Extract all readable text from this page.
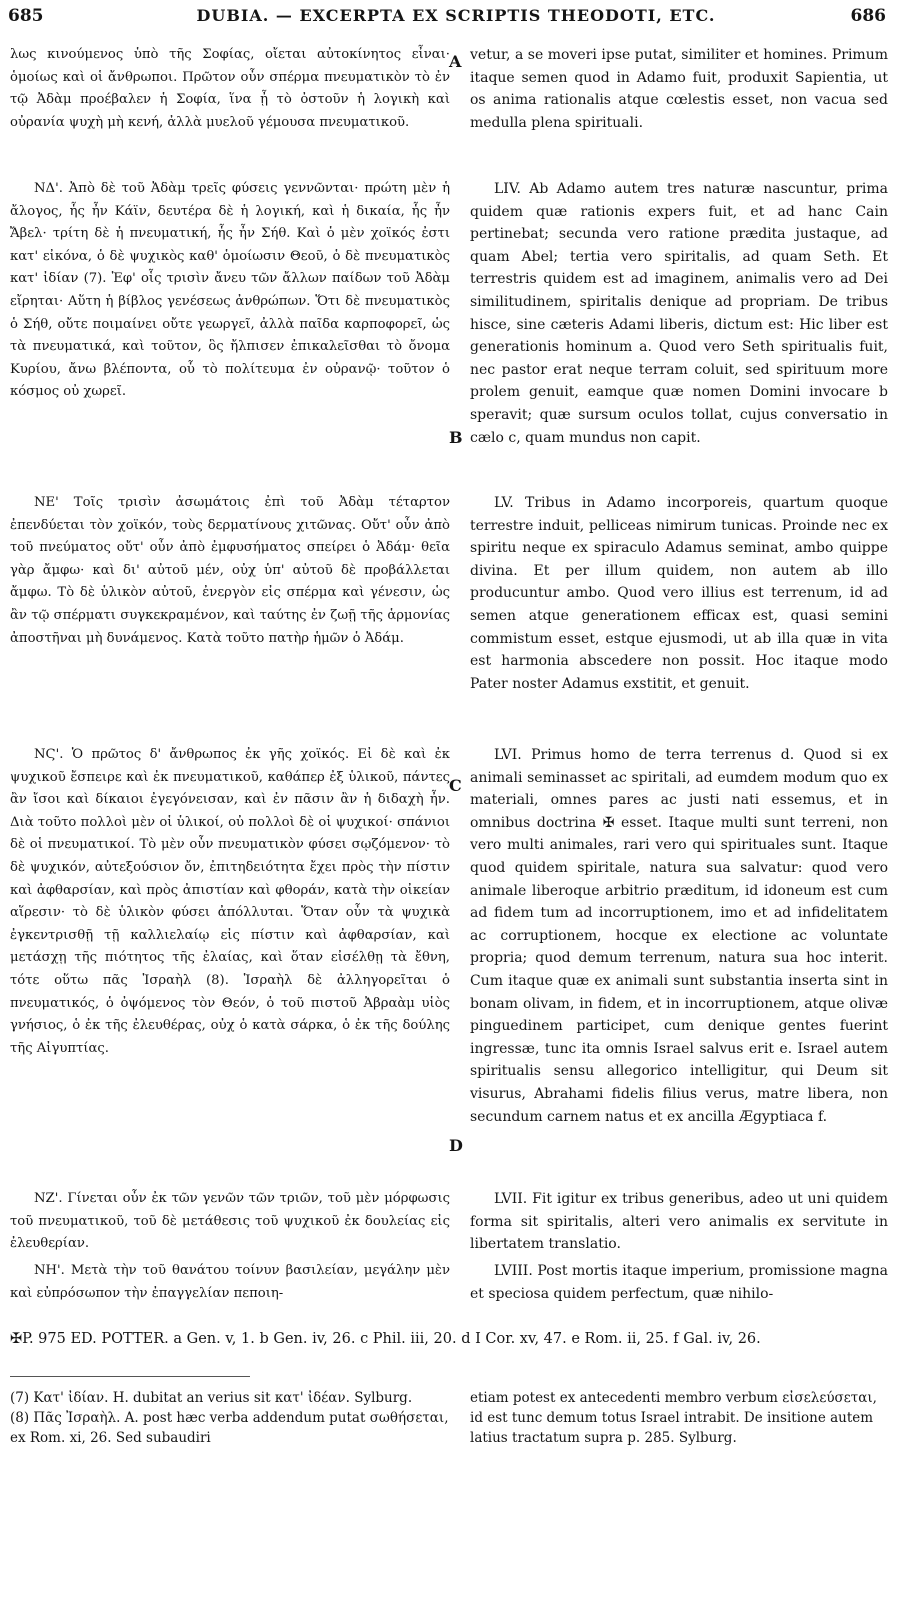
685	DUBIA. — EXCERPTA EX SCRIPTIS THEODOTI, ETC.	686
A
B
C
D

λως κινούμενος ὑπὸ τῆς Σοφίας, οἴεται αὐτοκίνητος εἶναι· ὁμοίως καὶ οἱ ἄνθρωποι. Πρῶτον οὖν σπέρμα πνευματικὸν τὸ ἐν τῷ Ἀδὰμ προέβαλεν ἡ Σοφία, ἵνα ᾖ τὸ ὀστοῦν ἡ λογικὴ καὶ οὐρανία ψυχὴ μὴ κενή, ἀλλὰ μυελοῦ γέμουσα πνευματικοῦ.

ΝΔ'. Ἀπὸ δὲ τοῦ Ἀδὰμ τρεῖς φύσεις γεννῶνται· πρώτη μὲν ἡ ἄλογος, ἧς ἦν Κάϊν, δευτέρα δὲ ἡ λογική, καὶ ἡ δικαία, ἧς ἦν Ἄβελ· τρίτη δὲ ἡ πνευματική, ἧς ἦν Σήθ. Καὶ ὁ μὲν χοϊκός ἐστι κατ' εἰκόνα, ὁ δὲ ψυχικὸς καθ' ὁμοίωσιν Θεοῦ, ὁ δὲ πνευματικὸς κατ' ἰδίαν (7). Ἐφ' οἷς τρισὶν ἄνευ τῶν ἄλλων παίδων τοῦ Ἀδὰμ εἴρηται· Αὕτη ἡ βίβλος γενέσεως ἀνθρώπων. Ὅτι δὲ πνευματικὸς ὁ Σήθ, οὔτε ποιμαίνει οὔτε γεωργεῖ, ἀλλὰ παῖδα καρποφορεῖ, ὡς τὰ πνευματικά, καὶ τοῦτον, ὃς ἤλπισεν ἐπικαλεῖσθαι τὸ ὄνομα Κυρίου, ἄνω βλέποντα, οὗ τὸ πολίτευμα ἐν οὐρανῷ· τοῦτον ὁ κόσμος οὐ χωρεῖ.

ΝΕ' Τοῖς τρισὶν ἀσωμάτοις ἐπὶ τοῦ Ἀδὰμ τέταρτον ἐπενδύεται τὸν χοϊκόν, τοὺς δερματίνους χιτῶνας. Οὔτ' οὖν ἀπὸ τοῦ πνεύματος οὔτ' οὖν ἀπὸ ἐμφυσήματος σπείρει ὁ Ἀδάμ· θεῖα γὰρ ἄμφω· καὶ δι' αὐτοῦ μέν, οὐχ ὑπ' αὐτοῦ δὲ προβάλλεται ἄμφω. Τὸ δὲ ὑλικὸν αὐτοῦ, ἐνεργὸν εἰς σπέρμα καὶ γένεσιν, ὡς ἂν τῷ σπέρματι συγκεκραμένον, καὶ ταύτης ἐν ζωῇ τῆς ἁρμονίας ἀποστῆναι μὴ δυνάμενος. Κατὰ τοῦτο πατὴρ ἡμῶν ὁ Ἀδάμ.

ΝϚ'. Ὁ πρῶτος δ' ἄνθρωπος ἐκ γῆς χοϊκός. Εἰ δὲ καὶ ἐκ ψυχικοῦ ἔσπειρε καὶ ἐκ πνευματικοῦ, καθάπερ ἐξ ὑλικοῦ, πάντες ἂν ἴσοι καὶ δίκαιοι ἐγεγόνεισαν, καὶ ἐν πᾶσιν ἂν ἡ διδαχὴ ἦν. Διὰ τοῦτο πολλοὶ μὲν οἱ ὑλικοί, οὐ πολλοὶ δὲ οἱ ψυχικοί· σπάνιοι δὲ οἱ πνευματικοί. Τὸ μὲν οὖν πνευματικὸν φύσει σῳζόμενον· τὸ δὲ ψυχικόν, αὐτεξούσιον ὄν, ἐπιτηδειότητα ἔχει πρὸς τὴν πίστιν καὶ ἀφθαρσίαν, καὶ πρὸς ἀπιστίαν καὶ φθοράν, κατὰ τὴν οἰκείαν αἵρεσιν· τὸ δὲ ὑλικὸν φύσει ἀπόλλυται. Ὅταν οὖν τὰ ψυχικὰ ἐγκεντρισθῇ τῇ καλλιελαίῳ εἰς πίστιν καὶ ἀφθαρσίαν, καὶ μετάσχῃ τῆς πιότητος τῆς ἐλαίας, καὶ ὅταν εἰσέλθῃ τὰ ἔθνη, τότε οὕτω πᾶς Ἰσραὴλ (8). Ἰσραὴλ δὲ ἀλληγορεῖται ὁ πνευματικός, ὁ ὀψόμενος τὸν Θεόν, ὁ τοῦ πιστοῦ Ἀβραὰμ υἱὸς γνήσιος, ὁ ἐκ τῆς ἐλευθέρας, οὐχ ὁ κατὰ σάρκα, ὁ ἐκ τῆς δούλης τῆς Αἰγυπτίας.

ΝΖ'. Γίνεται οὖν ἐκ τῶν γενῶν τῶν τριῶν, τοῦ μὲν μόρφωσις τοῦ πνευματικοῦ, τοῦ δὲ μετάθεσις τοῦ ψυχικοῦ ἐκ δουλείας εἰς ἐλευθερίαν.

ΝΗ'. Μετὰ τὴν τοῦ θανάτου τοίνυν βασιλείαν, μεγάλην μὲν καὶ εὐπρόσωπον τὴν ἐπαγγελίαν πεποιη-

vetur, a se moveri ipse putat, similiter et homines. Primum itaque semen quod in Adamo fuit, produxit Sapientia, ut os anima rationalis atque cœlestis esset, non vacua sed medulla plena spirituali.

LIV. Ab Adamo autem tres naturæ nascuntur, prima quidem quæ rationis expers fuit, et ad hanc Cain pertinebat; secunda vero ratione prædita justaque, ad quam Abel; tertia vero spiritalis, ad quam Seth. Et terrestris quidem est ad imaginem, animalis vero ad Dei similitudinem, spiritalis denique ad propriam. De tribus hisce, sine cæteris Adami liberis, dictum est: Hic liber est generationis hominum a. Quod vero Seth spiritualis fuit, nec pastor erat neque terram coluit, sed spirituum more prolem genuit, eamque quæ nomen Domini invocare b speravit; quæ sursum oculos tollat, cujus conversatio in cælo c, quam mundus non capit.

LV. Tribus in Adamo incorporeis, quartum quoque terrestre induit, pelliceas nimirum tunicas. Proinde nec ex spiritu neque ex spiraculo Adamus seminat, ambo quippe divina. Et per illum quidem, non autem ab illo producuntur ambo. Quod vero illius est terrenum, id ad semen atque generationem efficax est, quasi semini commistum esset, estque ejusmodi, ut ab illa quæ in vita est harmonia abscedere non possit. Hoc itaque modo Pater noster Adamus exstitit, et genuit.

LVI. Primus homo de terra terrenus d. Quod si ex animali seminasset ac spiritali, ad eumdem modum quo ex materiali, omnes pares ac justi nati essemus, et in omnibus doctrina ✠ esset. Itaque multi sunt terreni, non vero multi animales, rari vero qui spirituales sunt. Itaque quod quidem spiritale, natura sua salvatur: quod vero animale liberoque arbitrio præditum, id idoneum est cum ad fidem tum ad incorruptionem, imo et ad infidelitatem ac corruptionem, hocque ex electione ac voluntate propria; quod demum terrenum, natura sua hoc interit. Cum itaque quæ ex animali sunt substantia inserta sint in bonam olivam, in fidem, et in incorruptionem, atque olivæ pinguedinem participet, cum denique gentes fuerint ingressæ, tunc ita omnis Israel salvus erit e. Israel autem spiritualis sensu allegorico intelligitur, qui Deum sit visurus, Abrahami fidelis filius verus, matre libera, non secundum carnem natus et ex ancilla Ægyptiaca f.

LVII. Fit igitur ex tribus generibus, adeo ut uni quidem forma sit spiritalis, alteri vero animalis ex servitute in libertatem translatio.

LVIII. Post mortis itaque imperium, promissione magna et speciosa quidem perfectum, quæ nihilo-

✠P. 975 ED. POTTER. a Gen. v, 1. b Gen. iv, 26. c Phil. iii, 20. d I Cor. xv, 47. e Rom. ii, 25. f Gal. iv, 26.

(7) Κατ' ἰδίαν. H. dubitat an verius sit κατ' ἰδέαν. Sylburg.

(8) Πᾶς Ἰσραὴλ. A. post hæc verba addendum putat σωθήσεται, ex Rom. xi, 26. Sed subaudiri

etiam potest ex antecedenti membro verbum εἰσελεύσεται, id est tunc demum totus Israel intrabit. De insitione autem latius tractatum supra p. 285. Sylburg.
